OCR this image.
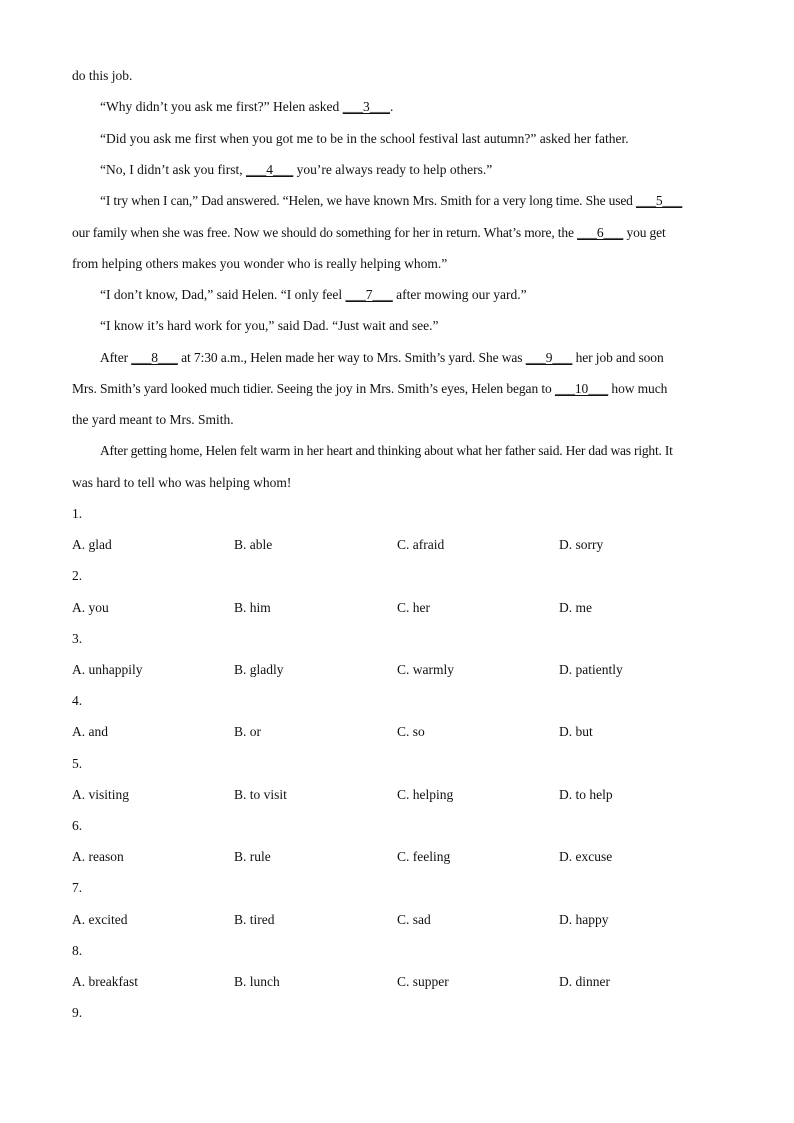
do this job.
“Why didn’t you ask me first?” Helen asked ___3___.
“Did you ask me first when you got me to be in the school festival last autumn?” asked her father.
“No, I didn’t ask you first, ___4___ you’re always ready to help others.”
“I try when I can,” Dad answered. “Helen, we have known Mrs. Smith for a very long time. She used ___5___
our family when she was free. Now we should do something for her in return. What’s more, the ___6___ you get
from helping others makes you wonder who is really helping whom.”
“I don’t know, Dad,” said Helen. “I only feel ___7___ after mowing our yard.”
“I know it’s hard work for you,” said Dad. “Just wait and see.”
After ___8___ at 7:30 a.m., Helen made her way to Mrs. Smith’s yard. She was ___9___ her job and soon
Mrs. Smith’s yard looked much tidier. Seeing the joy in Mrs. Smith’s eyes, Helen began to ___10___ how much
the yard meant to Mrs. Smith.
After getting home, Helen felt warm in her heart and thinking about what her father said. Her dad was right. It
was hard to tell who was helping whom!
1.
A. glad	B. able	C. afraid	D. sorry
2.
A. you	B. him	C. her	D. me
3.
A. unhappily	B. gladly	C. warmly	D. patiently
4.
A. and	B. or	C. so	D. but
5.
A. visiting	B. to visit	C. helping	D. to help
6.
A. reason	B. rule	C. feeling	D. excuse
7.
A. excited	B. tired	C. sad	D. happy
8.
A. breakfast	B. lunch	C. supper	D. dinner
9.
